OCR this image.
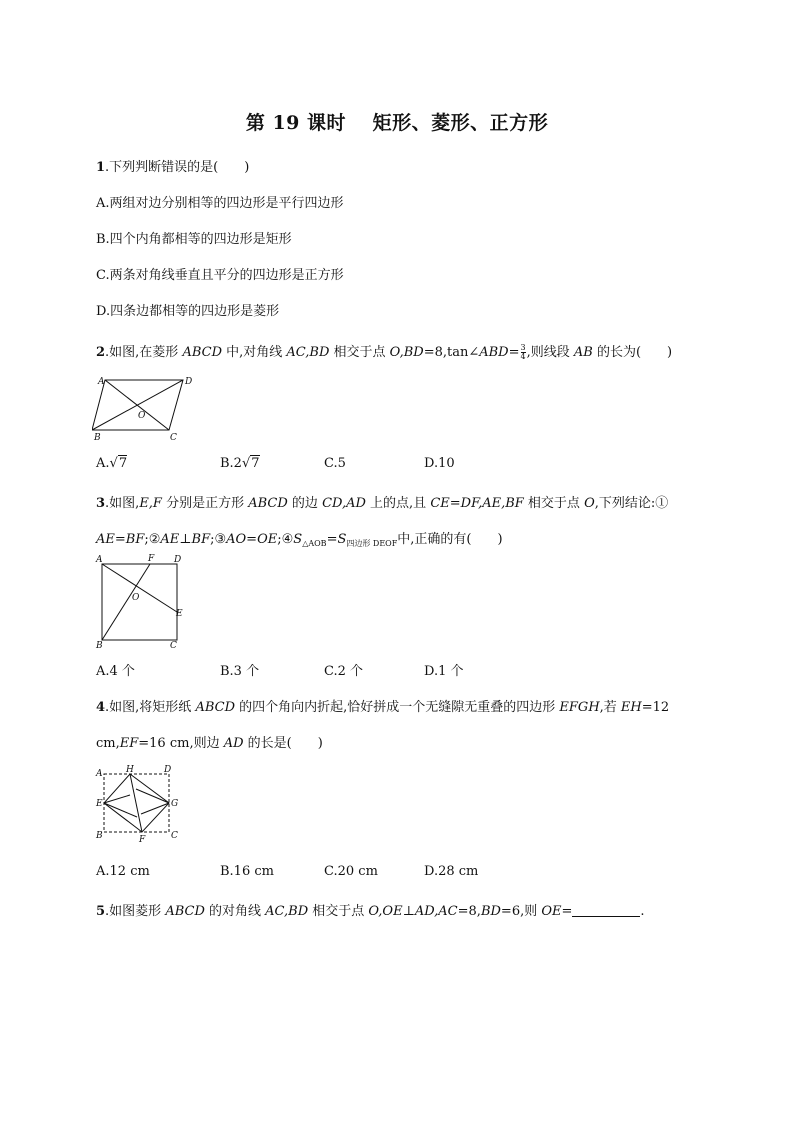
第 19 课时　 矩形、菱形、正方形
1.下列判断错误的是(　　)
A.两组对边分别相等的四边形是平行四边形
B.四个内角都相等的四边形是矩形
C.两条对角线垂直且平分的四边形是正方形
D.四条边都相等的四边形是菱形
2.如图,在菱形 ABCD 中,对角线 AC,BD 相交于点 O,BD=8,tan∠ABD= $\frac{3}{4}$ ,则线段 AB 的长为(　　)
A	D
B	C
O
A.√7	B.2√7	C.5	D.10
3.如图,E,F 分别是正方形 ABCD 的边 CD,AD 上的点,且 CE=DF,AE,BF 相交于点 O,下列结论:①
$AE=BF;②AE\perp BF;③AO=OE;④S_{\triangle AOB}=S_{四边形 DEOF}$中,正确的有(　　)
A	F D
E
B	C
O
A.4 个	B.3 个	C.2 个	D.1 个
4.如图,将矩形纸 ABCD 的四个角向内折起,恰好拼成一个无缝隙无重叠的四边形 EFGH,若 EH=12
cm,EF=16 cm,则边 AD 的长是(　　)
A	H	D
E	G
B	F	C
A.12 cm	B.16 cm	C.20 cm	D.28 cm
5.如图菱形 ABCD 的对角线 AC,BD 相交于点 O,OE⊥AD,AC=8,BD=6,则 OE=	.
